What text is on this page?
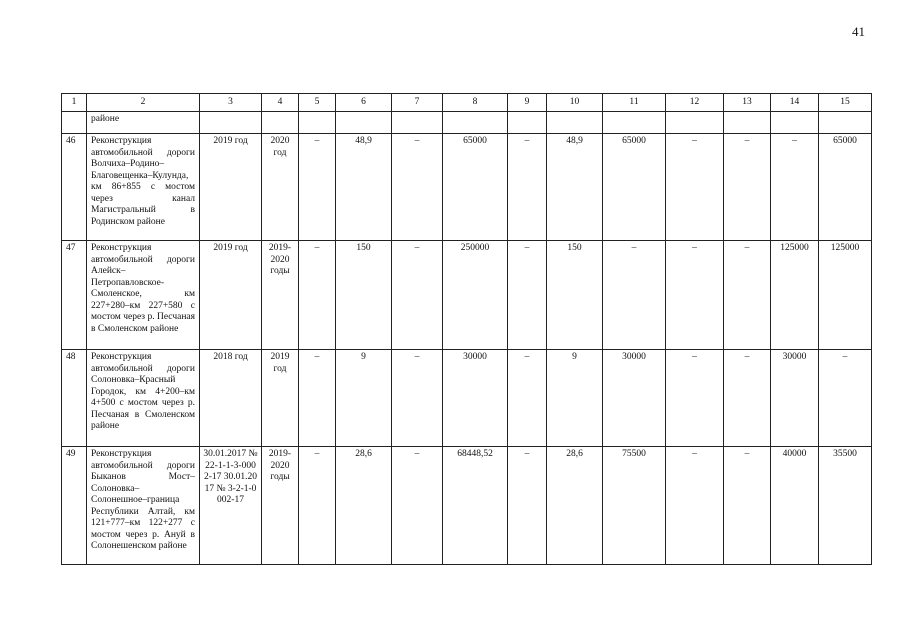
41
1	2	3	4	5	6	7	8	9	10	11	12	13	14	15
	районе													
46	Реконструкция автомобильной дороги Волчиха–Родино–Благовещенка–Кулунда, км 86+855 с мостом через канал Магистральный в Родинском районе	2019 год	2020 год	–	48,9	–	65000	–	48,9	65000	–	–	–	65000
47	Реконструкция автомобильной дороги Алейск–Петропавловское-Смоленское, км 227+280–км 227+580 с мостом через р. Песчаная в Смоленском районе	2019 год	2019-2020 годы	–	150	–	250000	–	150	–	–	–	125000	125000
48	Реконструкция автомобильной дороги Солоновка–Красный Городок, км 4+200–км 4+500 с мостом через р. Песчаная в Смоленском районе	2018 год	2019 год	–	9	–	30000	–	9	30000	–	–	30000	–
49	Реконструкция автомобильной дороги Быканов Мост–Солоновка–Солонешное–граница Республики Алтай, км 121+777–км 122+277 с мостом через р. Ануй в Солонешенском районе	30.01.2017 № 22-1-1-3-0002-17 30.01.2017 № 3-2-1-0002-17	2019-2020 годы	–	28,6	–	68448,52	–	28,6	75500	–	–	40000	35500
